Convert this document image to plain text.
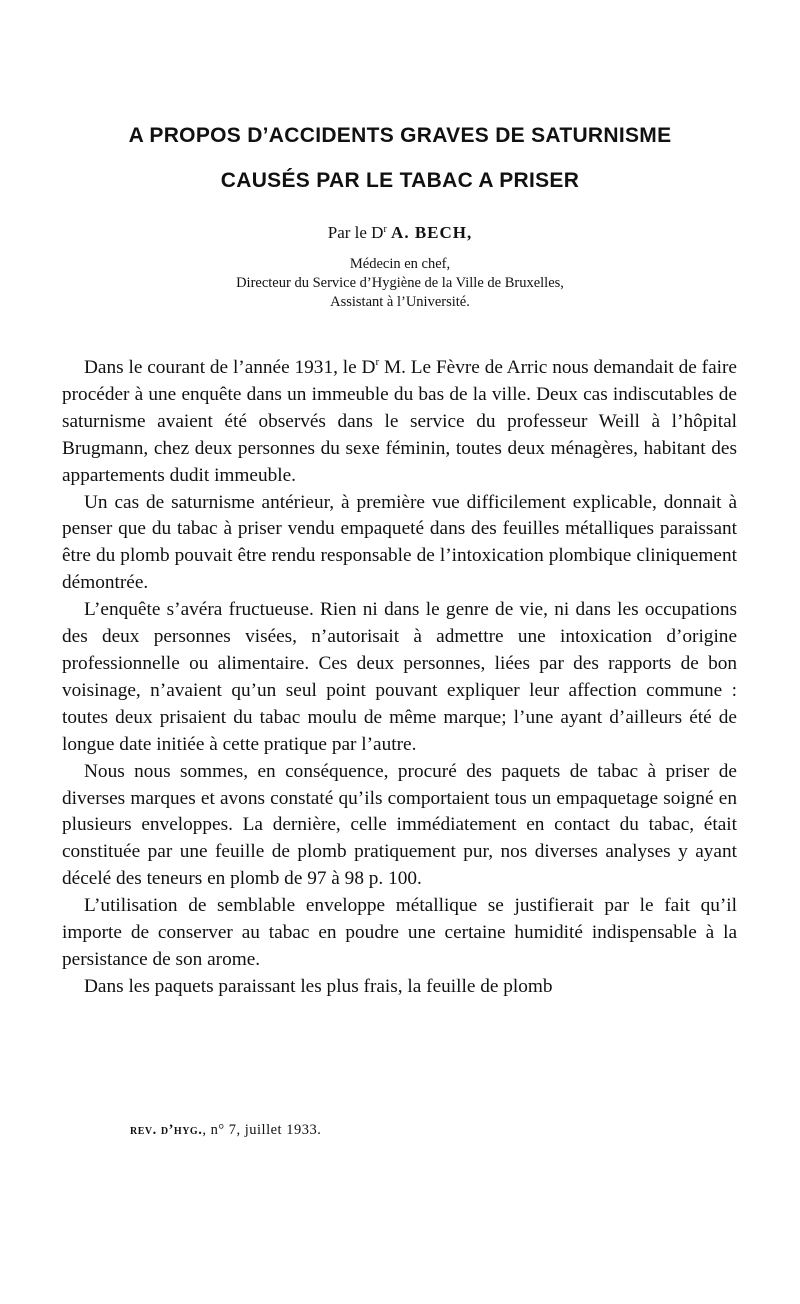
A PROPOS D’ACCIDENTS GRAVES DE SATURNISME
CAUSÉS PAR LE TABAC A PRISER
Par le $D^r$ A. BECH,
Médecin en chef,
Directeur du Service d’Hygiène de la Ville de Bruxelles,
Assistant à l’Université.

Dans le courant de l’année 1931, le $D^r$ M. Le Fèvre de Arric nous demandait de faire procéder à une enquête dans un immeuble du bas de la ville. Deux cas indiscutables de saturnisme avaient été observés dans le service du professeur Weill à l’hôpital Brugmann, chez deux personnes du sexe féminin, toutes deux ménagères, habitant des appartements dudit immeuble.

Un cas de saturnisme antérieur, à première vue difficilement explicable, donnait à penser que du tabac à priser vendu empaqueté dans des feuilles métalliques paraissant être du plomb pouvait être rendu responsable de l’intoxication plombique cliniquement démontrée.

L’enquête s’avéra fructueuse. Rien ni dans le genre de vie, ni dans les occupations des deux personnes visées, n’autorisait à admettre une intoxication d’origine professionnelle ou alimentaire. Ces deux personnes, liées par des rapports de bon voisinage, n’avaient qu’un seul point pouvant expliquer leur affection commune : toutes deux prisaient du tabac moulu de même marque; l’une ayant d’ailleurs été de longue date initiée à cette pratique par l’autre.

Nous nous sommes, en conséquence, procuré des paquets de tabac à priser de diverses marques et avons constaté qu’ils comportaient tous un empaquetage soigné en plusieurs enveloppes. La dernière, celle immédiatement en contact du tabac, était constituée par une feuille de plomb pratiquement pur, nos diverses analyses y ayant décelé des teneurs en plomb de 97 à 98 p. 100.

L’utilisation de semblable enveloppe métallique se justifierait par le fait qu’il importe de conserver au tabac en poudre une certaine humidité indispensable à la persistance de son arome.

Dans les paquets paraissant les plus frais, la feuille de plomb

rev. d’hyg., n° 7, juillet 1933.
